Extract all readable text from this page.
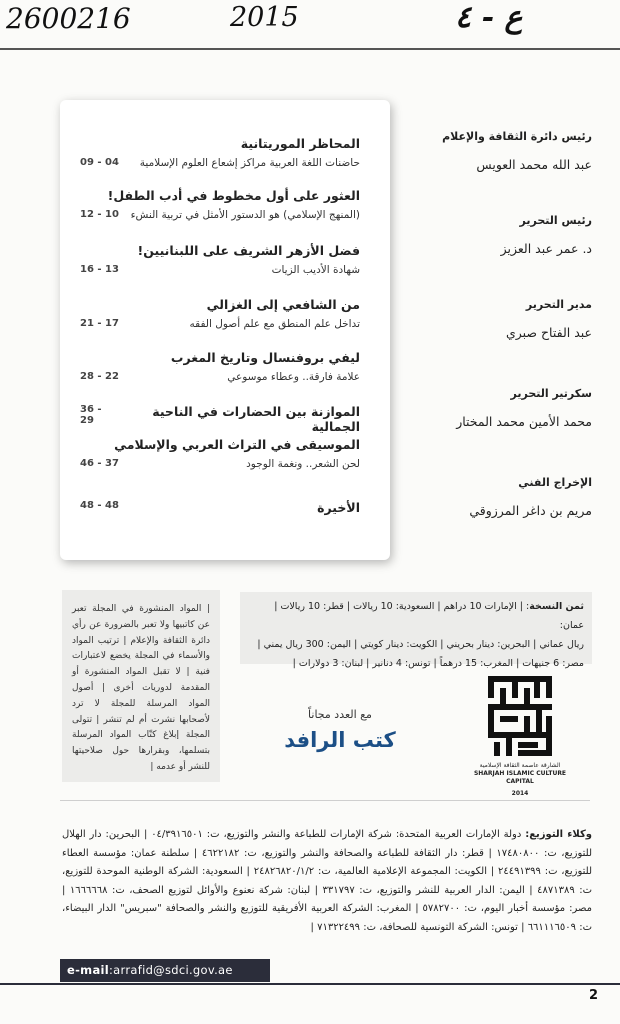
2600216	2015	ع - ٤
المحاظر الموريتانية
حاضنات اللغة العربية مراكز إشعاع العلوم الإسلامية
09 - 04
العثور على أول مخطوط في أدب الطفل!
(المنهج الإسلامي) هو الدستور الأمثل في تربية النشء
12 - 10
فضل الأزهر الشريف على اللبنانيين!
شهادة الأديب الزيات
16 - 13
من الشافعي إلى الغزالي
تداخل علم المنطق مع علم أصول الفقه
21 - 17
ليفي بروفنسال وتاريخ المغرب
علامة فارقة.. وعطاء موسوعي
28 - 22
الموازنة بين الحضارات في الناحية الجمالية
36 - 29
الموسيقى في التراث العربي والإسلامي
لحن الشعر.. ونغمة الوجود
46 - 37
الأخيرة
48 - 48
رئيس دائرة الثقافة والإعلام
عبد الله محمد العويس
رئيس التحرير
د. عمر عبد العزيز
مدير التحرير
عبد الفتاح صبري
سكرتير التحرير
محمد الأمين محمد المختار
الإخراج الفني
مريم بن داغر المرزوقي
ثمن النسخة: | الإمارات 10 دراهم | السعودية: 10 ريالات | قطر: 10 ريالات | عمان:
ريال عماني | البحرين: دينار بحريني | الكويت: دينار كويتي | اليمن: 300 ريال يمني |
مصر: 6 جنيهات | المغرب: 15 درهماً | تونس: 4 دنانير | لبنان: 3 دولارات |
| المواد المنشورة في المجلة تعبر عن كاتبيها ولا تعبر بالضرورة عن رأي دائرة الثقافة والإعلام | ترتيب المواد والأسماء في المجلة يخضع لاعتبارات فنية | لا تقبل المواد المنشورة أو المقدمة لدوريات أخرى | أصول المواد المرسلة للمجلة لا ترد لأصحابها نشرت أم لم تنشر | تتولى المجلة إبلاغ كتّاب المواد المرسلة بتسلمها، وبقرارها حول صلاحيتها للنشر أو عدمه |
مع العدد مجاناً
كتب الرافد
الشارقة عاصمة الثقافة الإسلامية
SHARJAH ISLAMIC CULTURE CAPITAL
2014
وكلاء التوزيع: دولة الإمارات العربية المتحدة: شركة الإمارات للطباعة والنشر والتوزيع، ت: ٠٤/٣٩١٦٥٠١ | البحرين: دار الهلال للتوزيع، ت: ١٧٤٨٠٨٠٠ | قطر: دار الثقافة للطباعة والصحافة والنشر والتوزيع، ت: ٤٦٢٢١٨٢ | سلطنة عمان: مؤسسة العطاء للتوزيع، ت: ٢٤٤٩١٣٩٩ | الكويت: المجموعة الإعلامية العالمية، ت: ٢٤٨٢٦٨٢٠/١/٢ | السعودية: الشركة الوطنية الموحدة للتوزيع، ت: ٤٨٧١٣٨٩ | اليمن: الدار العربية للنشر والتوزيع، ت: ٣٣١٧٩٧ | لبنان: شركة نعنوع والأوائل لتوزيع الصحف، ت: ١٦٦٦٦٦٨ | مصر: مؤسسة أخبار اليوم، ت: ٥٧٨٢٧٠٠ | المغرب: الشركة العربية الأفريقية للتوزيع والنشر والصحافة "سبريس" الدار البيضاء، ت: ٦٦١١١٦٥٠٩ | تونس: الشركة التونسية للصحافة، ت: ٧١٣٢٢٤٩٩ |
e-mail:arrafid@sdci.gov.ae
2
